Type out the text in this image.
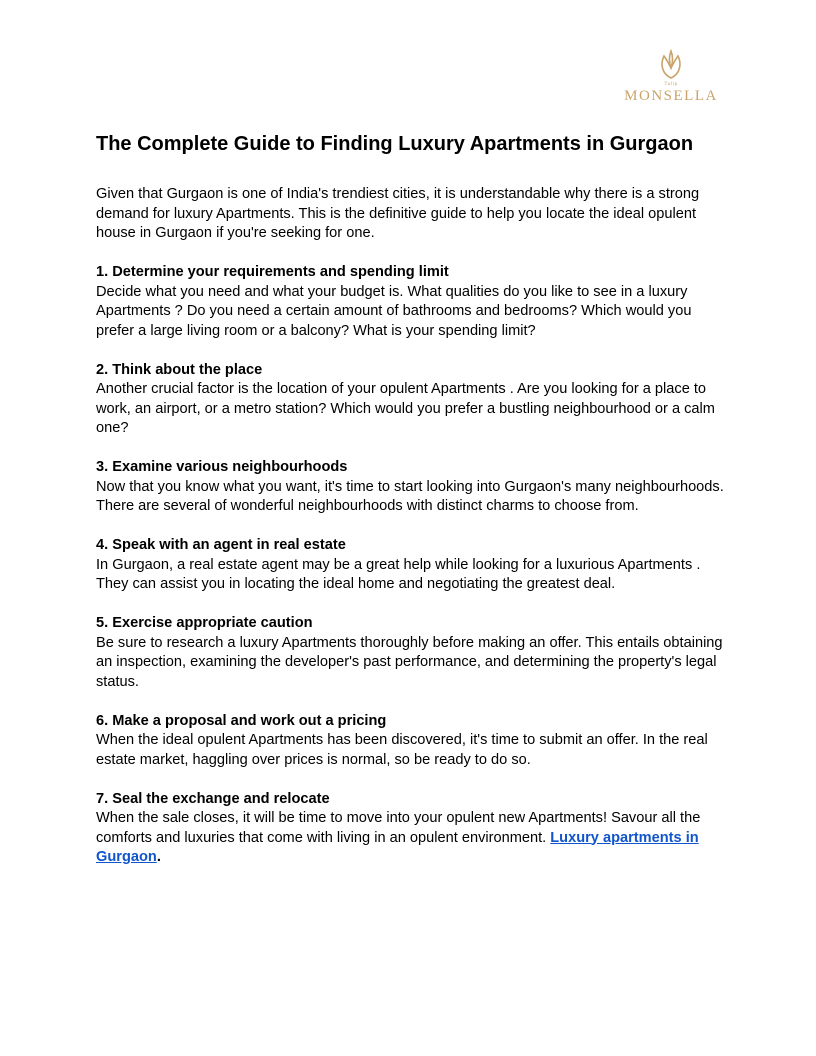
Tulip
MONSELLA
The Complete Guide to Finding Luxury Apartments in Gurgaon

Given that Gurgaon is one of India's trendiest cities, it is understandable why there is a strong demand for luxury Apartments. This is the definitive guide to help you locate the ideal opulent house in Gurgaon if you're seeking for one.

1. Determine your requirements and spending limit

Decide what you need and what your budget is. What qualities do you like to see in a luxury Apartments ? Do you need a certain amount of bathrooms and bedrooms? Which would you prefer a large living room or a balcony? What is your spending limit?

2. Think about the place

Another crucial factor is the location of your opulent Apartments . Are you looking for a place to work, an airport, or a metro station? Which would you prefer a bustling neighbourhood or a calm one?

3. Examine various neighbourhoods

Now that you know what you want, it's time to start looking into Gurgaon's many neighbourhoods. There are several of wonderful neighbourhoods with distinct charms to choose from.

4. Speak with an agent in real estate

In Gurgaon, a real estate agent may be a great help while looking for a luxurious Apartments . They can assist you in locating the ideal home and negotiating the greatest deal.

5. Exercise appropriate caution

Be sure to research a luxury Apartments thoroughly before making an offer. This entails obtaining an inspection, examining the developer's past performance, and determining the property's legal status.

6. Make a proposal and work out a pricing

When the ideal opulent Apartments has been discovered, it's time to submit an offer. In the real estate market, haggling over prices is normal, so be ready to do so.

7. Seal the exchange and relocate

When the sale closes, it will be time to move into your opulent new Apartments! Savour all the comforts and luxuries that come with living in an opulent environment. Luxury apartments in Gurgaon.
